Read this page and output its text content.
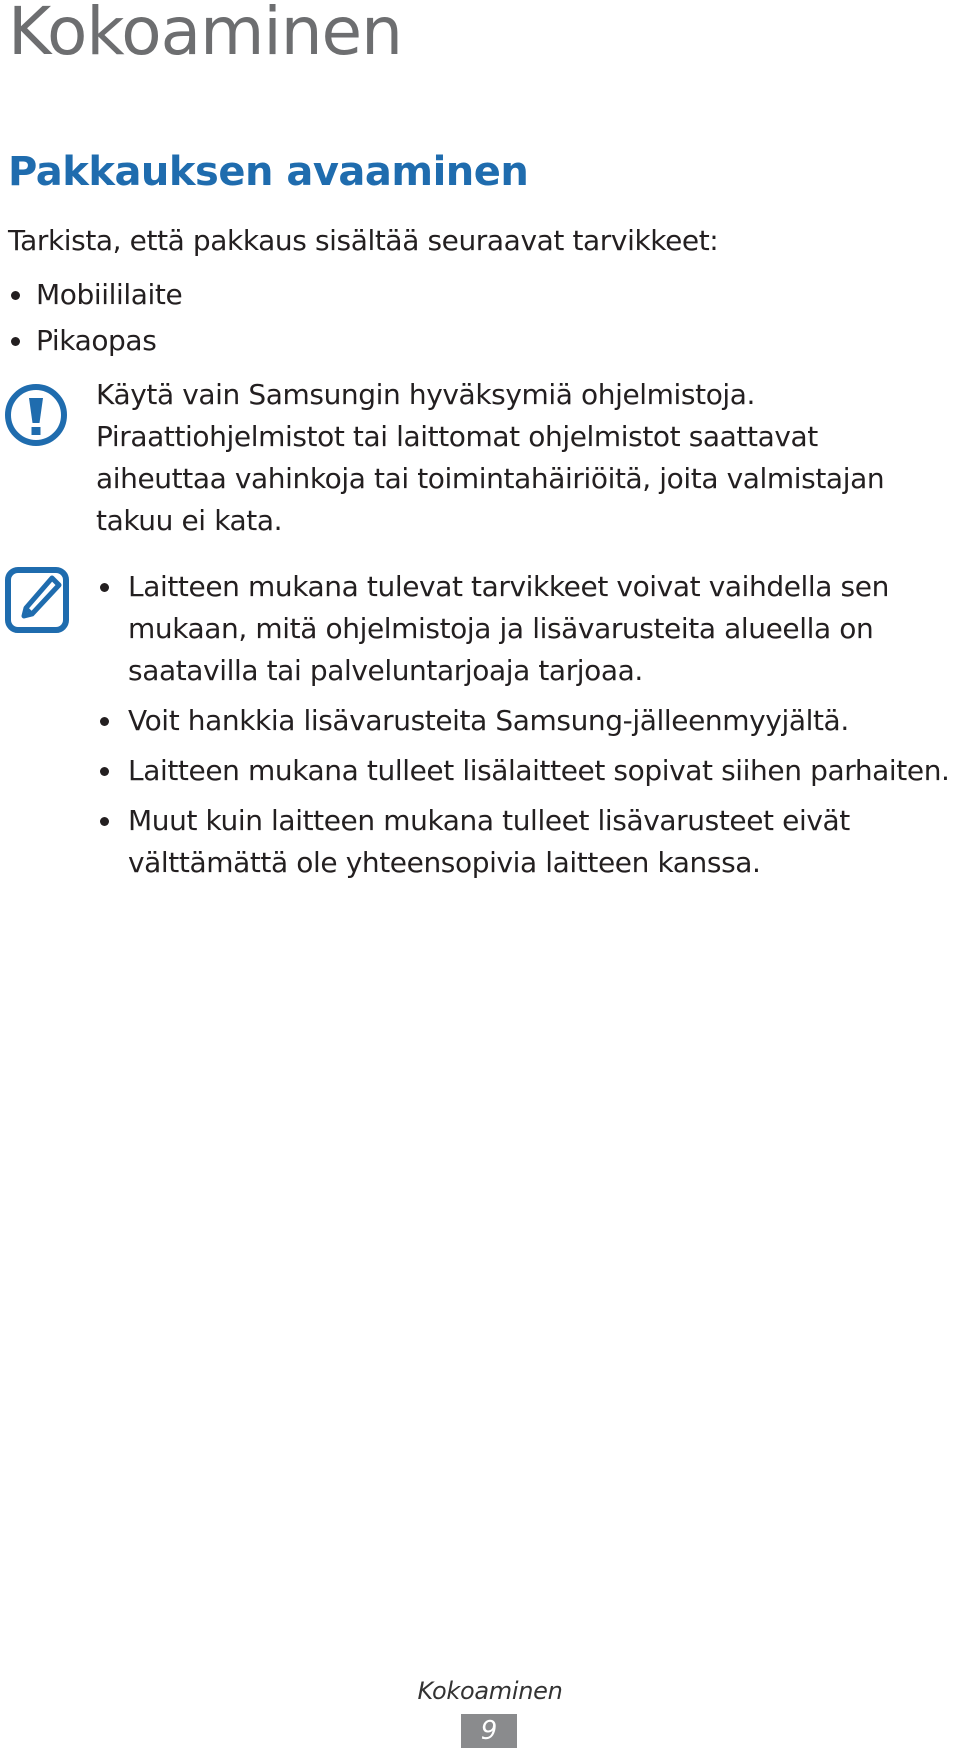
Kokoaminen
Pakkauksen avaaminen

Tarkista, että pakkaus sisältää seuraavat tarvikkeet:

Mobiililaite
Pikaopas

Käytä vain Samsungin hyväksymiä ohjelmistoja. Piraattiohjelmistot tai laittomat ohjelmistot saattavat aiheuttaa vahinkoja tai toimintahäiriöitä, joita valmistajan takuu ei kata.

Laitteen mukana tulevat tarvikkeet voivat vaihdella sen mukaan, mitä ohjelmistoja ja lisävarusteita alueella on saatavilla tai palveluntarjoaja tarjoaa.
Voit hankkia lisävarusteita Samsung-jälleenmyyjältä.
Laitteen mukana tulleet lisälaitteet sopivat siihen parhaiten.
Muut kuin laitteen mukana tulleet lisävarusteet eivät välttämättä ole yhteensopivia laitteen kanssa.
Kokoaminen
9
